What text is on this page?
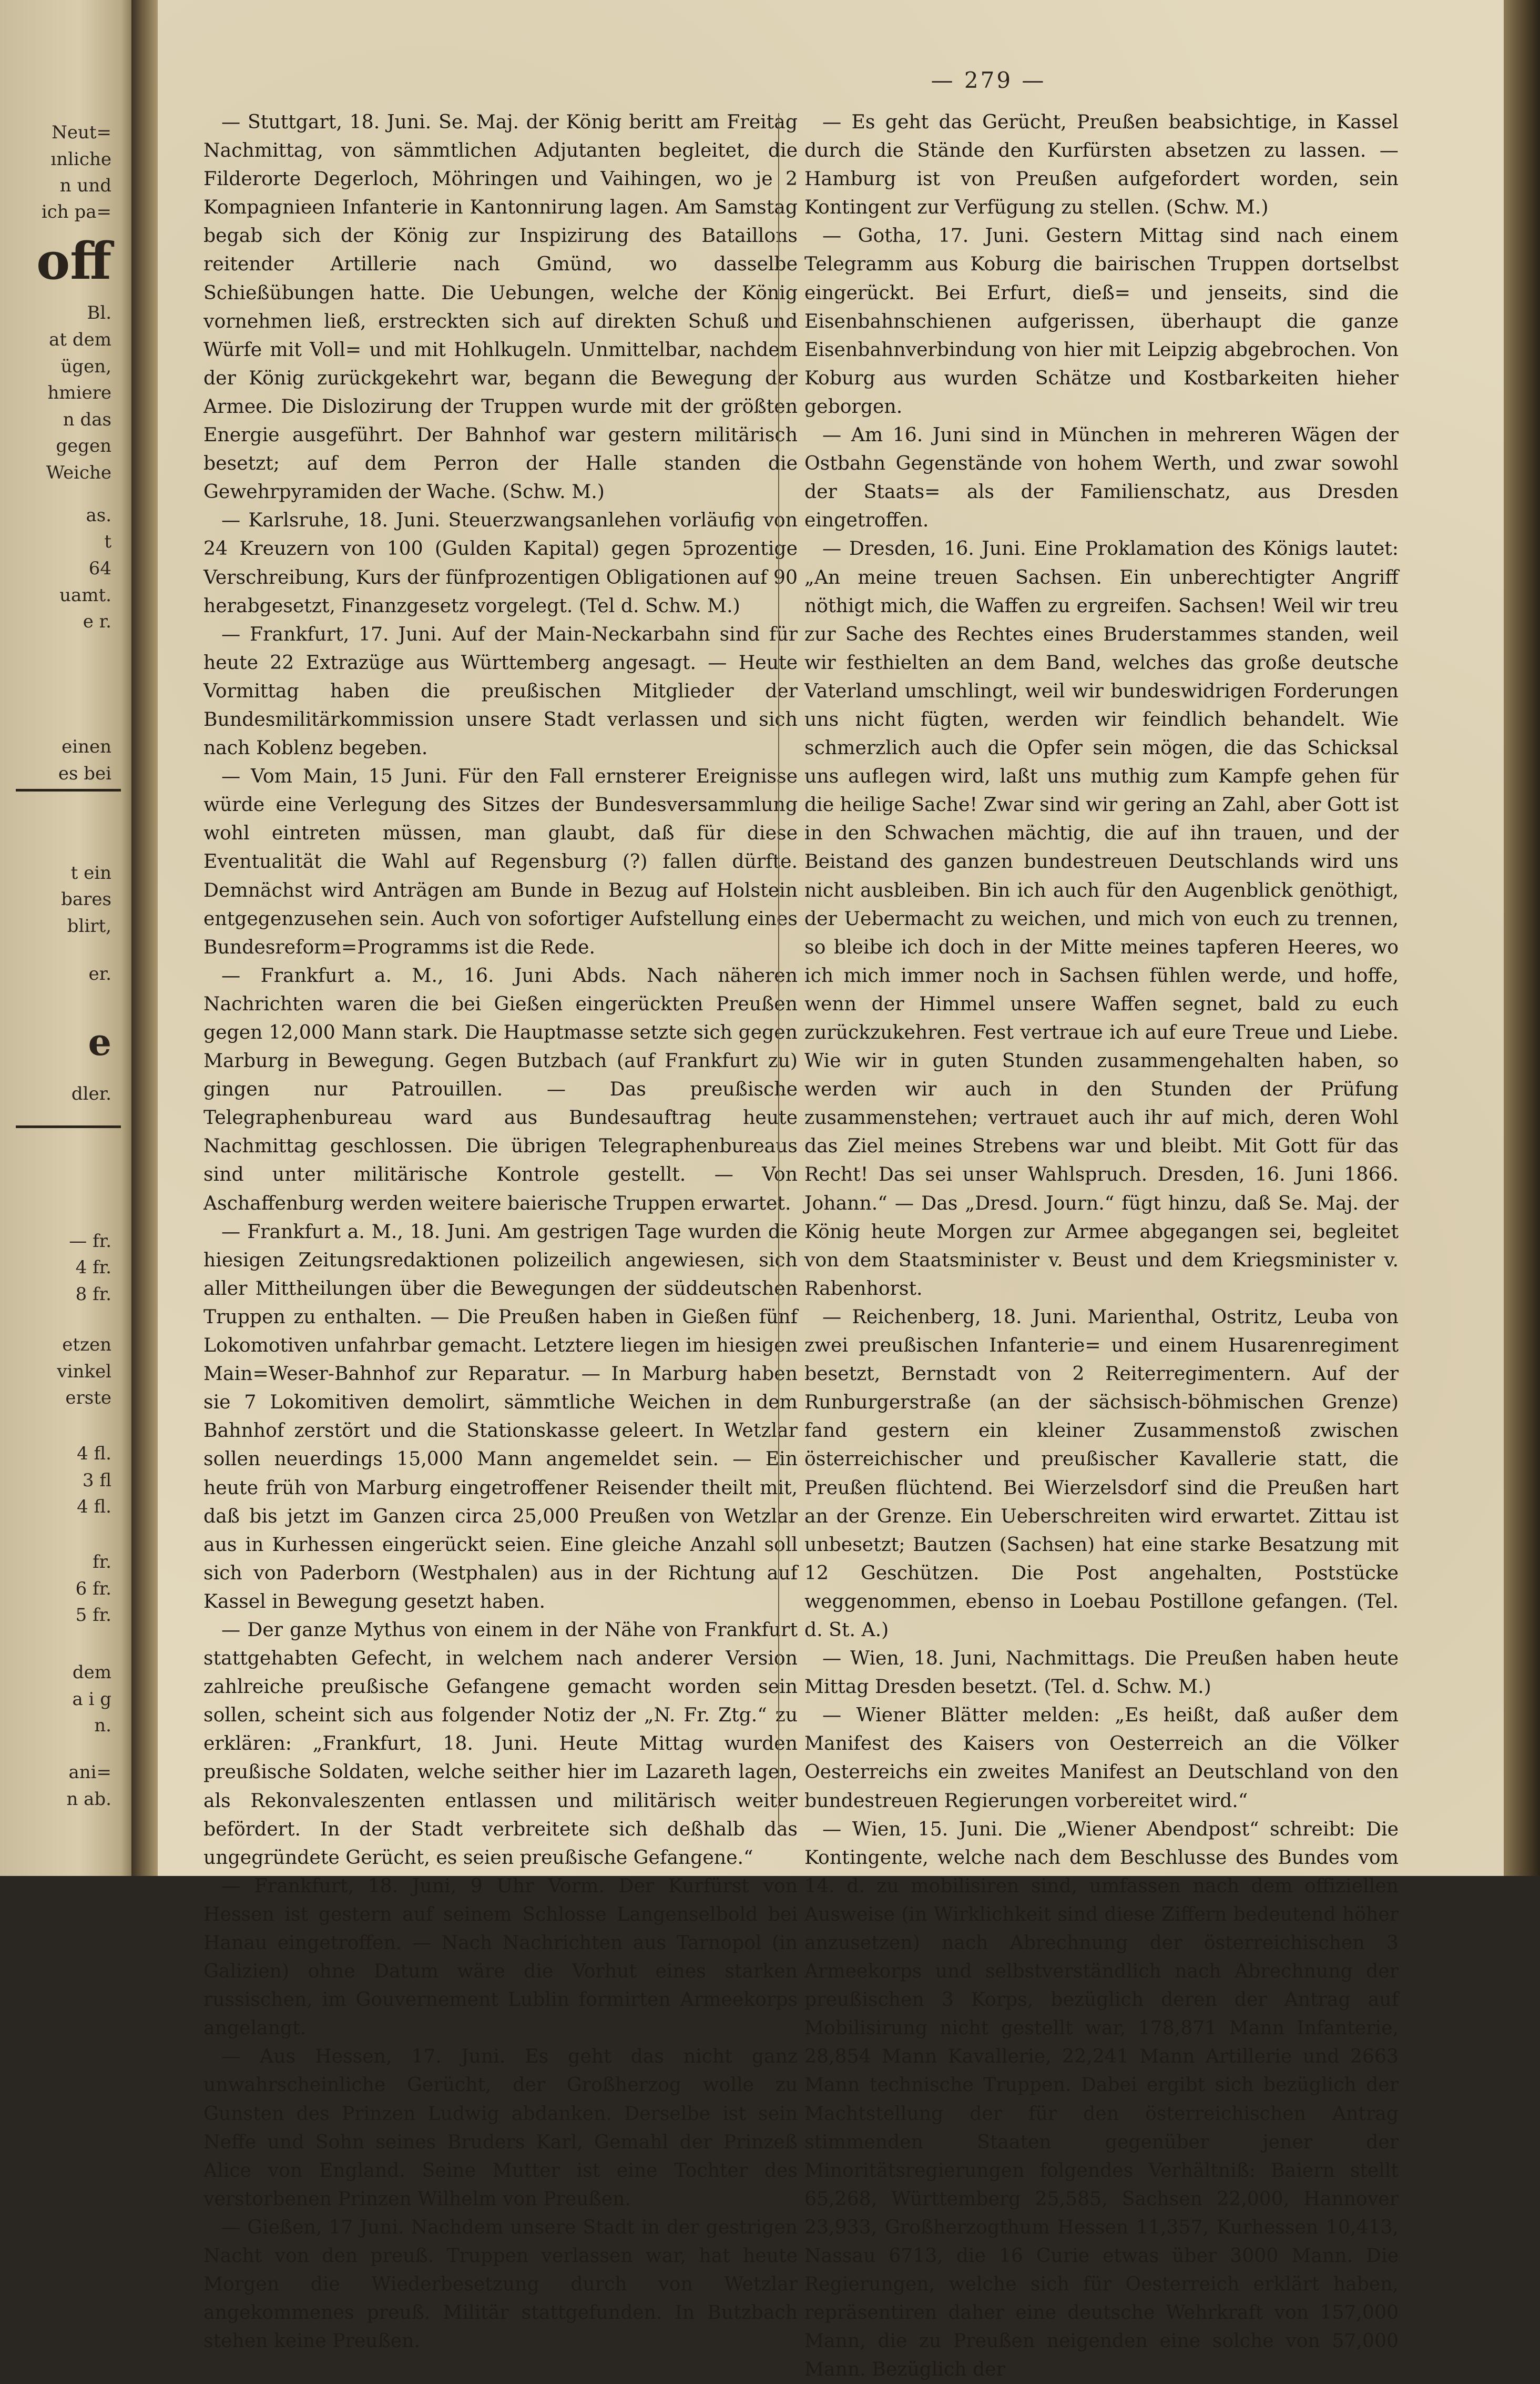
Neut=
ınliche
n und
ich pa=
off
Bl.
at dem
ügen,
hmiere
n das
gegen
Weiche
as.
t
64
uamt.
e r.
einen
es bei
t ein
bares
blirt,
er.
e
dler.
— fr.
4 fr.
8 fr.
etzen
vinkel
erste
4 fl.
3 fl
4 fl.
fr.
6 fr.
5 fr.
dem
a i g
n.
ani=
n ab.
— 279 —

— Stuttgart, 18. Juni. Se. Maj. der König beritt am Freitag Nachmittag, von sämmtlichen Adjutanten begleitet, die Filderorte Degerloch, Möhringen und Vaihingen, wo je 2 Kompagnieen Infanterie in Kantonnirung lagen. Am Samstag begab sich der König zur Inspizirung des Bataillons reitender Artillerie nach Gmünd, wo dasselbe Schießübungen hatte. Die Uebungen, welche der König vornehmen ließ, erstreckten sich auf direkten Schuß und Würfe mit Voll= und mit Hohlkugeln. Unmittelbar, nachdem der König zurückgekehrt war, begann die Bewegung der Armee. Die Dislozirung der Truppen wurde mit der größten Energie ausgeführt. Der Bahnhof war gestern militärisch besetzt; auf dem Perron der Halle standen die Gewehrpyramiden der Wache. (Schw. M.)

— Karlsruhe, 18. Juni. Steuerzwangsanlehen vorläufig von 24 Kreuzern von 100 (Gulden Kapital) gegen 5prozentige Verschreibung, Kurs der fünfprozentigen Obligationen auf 90 herabgesetzt, Finanzgesetz vorgelegt. (Tel d. Schw. M.)

— Frankfurt, 17. Juni. Auf der Main-Neckarbahn sind für heute 22 Extrazüge aus Württemberg angesagt. — Heute Vormittag haben die preußischen Mitglieder der Bundesmilitärkommission unsere Stadt verlassen und sich nach Koblenz begeben.

— Vom Main, 15 Juni. Für den Fall ernsterer Ereignisse würde eine Verlegung des Sitzes der Bundesversammlung wohl eintreten müssen, man glaubt, daß für diese Eventualität die Wahl auf Regensburg (?) fallen dürfte. Demnächst wird Anträgen am Bunde in Bezug auf Holstein entgegenzusehen sein. Auch von sofortiger Aufstellung eines Bundesreform=Programms ist die Rede.

— Frankfurt a. M., 16. Juni Abds. Nach näheren Nachrichten waren die bei Gießen eingerückten Preußen gegen 12,000 Mann stark. Die Hauptmasse setzte sich gegen Marburg in Bewegung. Gegen Butzbach (auf Frankfurt zu) gingen nur Patrouillen. — Das preußische Telegraphenbureau ward aus Bundesauftrag heute Nachmittag geschlossen. Die übrigen Telegraphenbureaus sind unter militärische Kontrole gestellt. — Von Aschaffenburg werden weitere baierische Truppen erwartet.

— Frankfurt a. M., 18. Juni. Am gestrigen Tage wurden die hiesigen Zeitungsredaktionen polizeilich angewiesen, sich aller Mittheilungen über die Bewegungen der süddeutschen Truppen zu enthalten. — Die Preußen haben in Gießen fünf Lokomotiven unfahrbar gemacht. Letztere liegen im hiesigen Main=Weser-Bahnhof zur Reparatur. — In Marburg haben sie 7 Lokomitiven demolirt, sämmtliche Weichen in dem Bahnhof zerstört und die Stationskasse geleert. In Wetzlar sollen neuerdings 15,000 Mann angemeldet sein. — Ein heute früh von Marburg eingetroffener Reisender theilt mit, daß bis jetzt im Ganzen circa 25,000 Preußen von Wetzlar aus in Kurhessen eingerückt seien. Eine gleiche Anzahl soll sich von Paderborn (Westphalen) aus in der Richtung auf Kassel in Bewegung gesetzt haben.

— Der ganze Mythus von einem in der Nähe von Frankfurt stattgehabten Gefecht, in welchem nach anderer Version zahlreiche preußische Gefangene gemacht worden sein sollen, scheint sich aus folgender Notiz der „N. Fr. Ztg.“ zu erklären: „Frankfurt, 18. Juni. Heute Mittag wurden preußische Soldaten, welche seither hier im Lazareth lagen, als Rekonvaleszenten entlassen und militärisch weiter befördert. In der Stadt verbreitete sich deßhalb das ungegründete Gerücht, es seien preußische Gefangene.“

— Frankfurt, 18. Juni, 9 Uhr Vorm. Der Kurfürst von Hessen ist gestern auf seinem Schlosse Langenselbold bei Hanau eingetroffen. — Nach Nachrichten aus Tarnopol (in Galizien) ohne Datum wäre die Vorhut eines starken russischen, im Gouvernement Lublin formirten Armeekorps angelangt.

— Aus Hessen, 17. Juni. Es geht das nicht ganz unwahrscheinliche Gerücht, der Großherzog wolle zu Gunsten des Prinzen Ludwig abdanken. Derselbe ist sein Neffe und Sohn seines Bruders Karl, Gemahl der Prinzeß Alice von England. Seine Mutter ist eine Tochter des verstorbenen Prinzen Wilhelm von Preußen.

— Gießen, 17 Juni. Nachdem unsere Stadt in der gestrigen Nacht von den preuß. Truppen verlassen war, hat heute Morgen die Wiederbesetzung durch von Wetzlar angekommenes preuß. Militär stattgefunden. In Butzbach stehen keine Preußen.

— Es geht das Gerücht, Preußen beabsichtige, in Kassel durch die Stände den Kurfürsten absetzen zu lassen. — Hamburg ist von Preußen aufgefordert worden, sein Kontingent zur Verfügung zu stellen. (Schw. M.)

— Gotha, 17. Juni. Gestern Mittag sind nach einem Telegramm aus Koburg die bairischen Truppen dortselbst eingerückt. Bei Erfurt, dieß= und jenseits, sind die Eisenbahnschienen aufgerissen, überhaupt die ganze Eisenbahnverbindung von hier mit Leipzig abgebrochen. Von Koburg aus wurden Schätze und Kostbarkeiten hieher geborgen.

— Am 16. Juni sind in München in mehreren Wägen der Ostbahn Gegenstände von hohem Werth, und zwar sowohl der Staats= als der Familienschatz, aus Dresden eingetroffen.

— Dresden, 16. Juni. Eine Proklamation des Königs lautet: „An meine treuen Sachsen. Ein unberechtigter Angriff nöthigt mich, die Waffen zu ergreifen. Sachsen! Weil wir treu zur Sache des Rechtes eines Bruderstammes standen, weil wir festhielten an dem Band, welches das große deutsche Vaterland umschlingt, weil wir bundeswidrigen Forderungen uns nicht fügten, werden wir feindlich behandelt. Wie schmerzlich auch die Opfer sein mögen, die das Schicksal uns auflegen wird, laßt uns muthig zum Kampfe gehen für die heilige Sache! Zwar sind wir gering an Zahl, aber Gott ist in den Schwachen mächtig, die auf ihn trauen, und der Beistand des ganzen bundestreuen Deutschlands wird uns nicht ausbleiben. Bin ich auch für den Augenblick genöthigt, der Uebermacht zu weichen, und mich von euch zu trennen, so bleibe ich doch in der Mitte meines tapferen Heeres, wo ich mich immer noch in Sachsen fühlen werde, und hoffe, wenn der Himmel unsere Waffen segnet, bald zu euch zurückzukehren. Fest vertraue ich auf eure Treue und Liebe. Wie wir in guten Stunden zusammengehalten haben, so werden wir auch in den Stunden der Prüfung zusammenstehen; vertrauet auch ihr auf mich, deren Wohl das Ziel meines Strebens war und bleibt. Mit Gott für das Recht! Das sei unser Wahlspruch. Dresden, 16. Juni 1866. Johann.“ — Das „Dresd. Journ.“ fügt hinzu, daß Se. Maj. der König heute Morgen zur Armee abgegangen sei, begleitet von dem Staatsminister v. Beust und dem Kriegsminister v. Rabenhorst.

— Reichenberg, 18. Juni. Marienthal, Ostritz, Leuba von zwei preußischen Infanterie= und einem Husarenregiment besetzt, Bernstadt von 2 Reiterregimentern. Auf der Runburgerstraße (an der sächsisch-böhmischen Grenze) fand gestern ein kleiner Zusammenstoß zwischen österreichischer und preußischer Kavallerie statt, die Preußen flüchtend. Bei Wierzelsdorf sind die Preußen hart an der Grenze. Ein Ueberschreiten wird erwartet. Zittau ist unbesetzt; Bautzen (Sachsen) hat eine starke Besatzung mit 12 Geschützen. Die Post angehalten, Poststücke weggenommen, ebenso in Loebau Postillone gefangen. (Tel. d. St. A.)

— Wien, 18. Juni, Nachmittags. Die Preußen haben heute Mittag Dresden besetzt. (Tel. d. Schw. M.)

— Wiener Blätter melden: „Es heißt, daß außer dem Manifest des Kaisers von Oesterreich an die Völker Oesterreichs ein zweites Manifest an Deutschland von den bundestreuen Regierungen vorbereitet wird.“

— Wien, 15. Juni. Die „Wiener Abendpost“ schreibt: Die Kontingente, welche nach dem Beschlusse des Bundes vom 14. d. zu mobilisiren sind, umfassen nach dem offiziellen Ausweise (in Wirklichkeit sind diese Ziffern bedeutend höher anzusetzen) nach Abrechnung der österreichischen 3 Armeekorps und selbstverständlich nach Abrechnung der preußischen 3 Korps, bezüglich deren der Antrag auf Mobilisirung nicht gestellt war, 178,871 Mann Infanterie, 28,854 Mann Kavallerie, 22,241 Mann Artillerie und 2663 Mann technische Truppen. Dabei ergibt sich bezüglich der Machtstellung der für den österreichischen Antrag stimmenden Staaten gegenüber jener der Minoritätsregierungen folgendes Verhältniß: Baiern stellt 65,268, Württemberg 25,585, Sachsen 22,000, Hannover 23,933, Großherzogthum Hessen 11,357, Kurhessen 10,413, Nassau 6713, die 16 Curie etwas über 3000 Mann. Die Regierungen, welche sich für Oesterreich erklärt haben, repräsentiren daher eine deutsche Wehrkraft von 157,000 Mann, die zu Preußen neigenden eine solche von 57,000 Mann. Bezüglich der
